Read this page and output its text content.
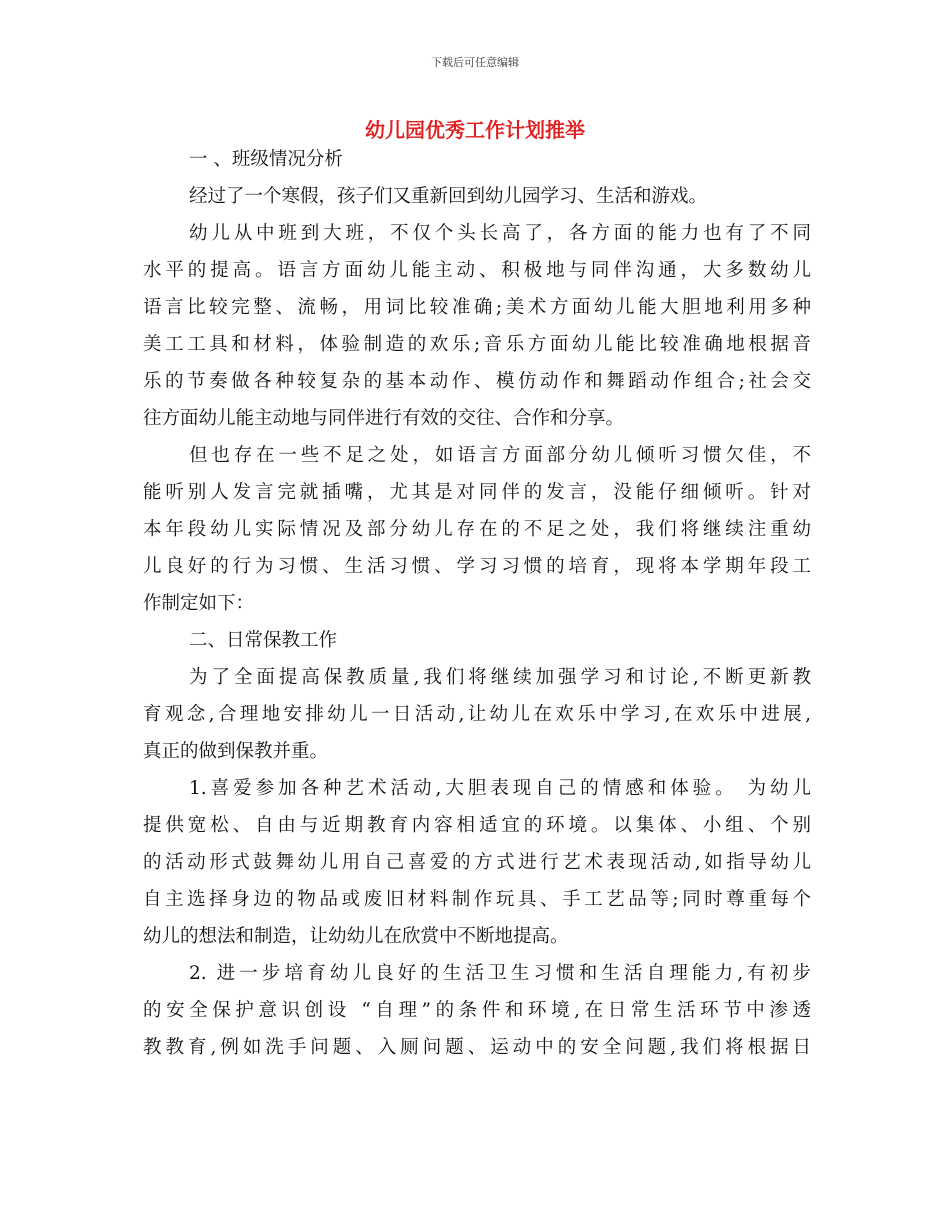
下载后可任意编辑
幼儿园优秀工作计划推举
一 、班级情况分析
经过了一个寒假，孩子们又重新回到幼儿园学习、生活和游戏。
幼儿从中班到大班，不仅个头长高了，各方面的能力也有了不同
水平的提高。语言方面幼儿能主动、积极地与同伴沟通，大多数幼儿
语言比较完整、流畅，用词比较准确;美术方面幼儿能大胆地利用多种
美工工具和材料，体验制造的欢乐;音乐方面幼儿能比较准确地根据音
乐的节奏做各种较复杂的基本动作、模仿动作和舞蹈动作组合;社会交
往方面幼儿能主动地与同伴进行有效的交往、合作和分享。
但也存在一些不足之处，如语言方面部分幼儿倾听习惯欠佳，不
能听别人发言完就插嘴，尤其是对同伴的发言，没能仔细倾听。针对
本年段幼儿实际情况及部分幼儿存在的不足之处，我们将继续注重幼
儿良好的行为习惯、生活习惯、学习习惯的培育，现将本学期年段工
作制定如下：
二、日常保教工作
为了全面提高保教质量,我们将继续加强学习和讨论,不断更新教
育观念,合理地安排幼儿一日活动,让幼儿在欢乐中学习,在欢乐中进展,
真正的做到保教并重。
1.喜爱参加各种艺术活动,大胆表现自己的情感和体验。 为幼儿
提供宽松、自由与近期教育内容相适宜的环境。以集体、小组、个别
的活动形式鼓舞幼儿用自己喜爱的方式进行艺术表现活动,如指导幼儿
自主选择身边的物品或废旧材料制作玩具、手工艺品等;同时尊重每个
幼儿的想法和制造，让幼幼儿在欣赏中不断地提高。
2. 进一步培育幼儿良好的生活卫生习惯和生活自理能力,有初步
的安全保护意识创设 “自理”的条件和环境,在日常生活环节中渗透
教教育,例如洗手问题、入厕问题、运动中的安全问题,我们将根据日
